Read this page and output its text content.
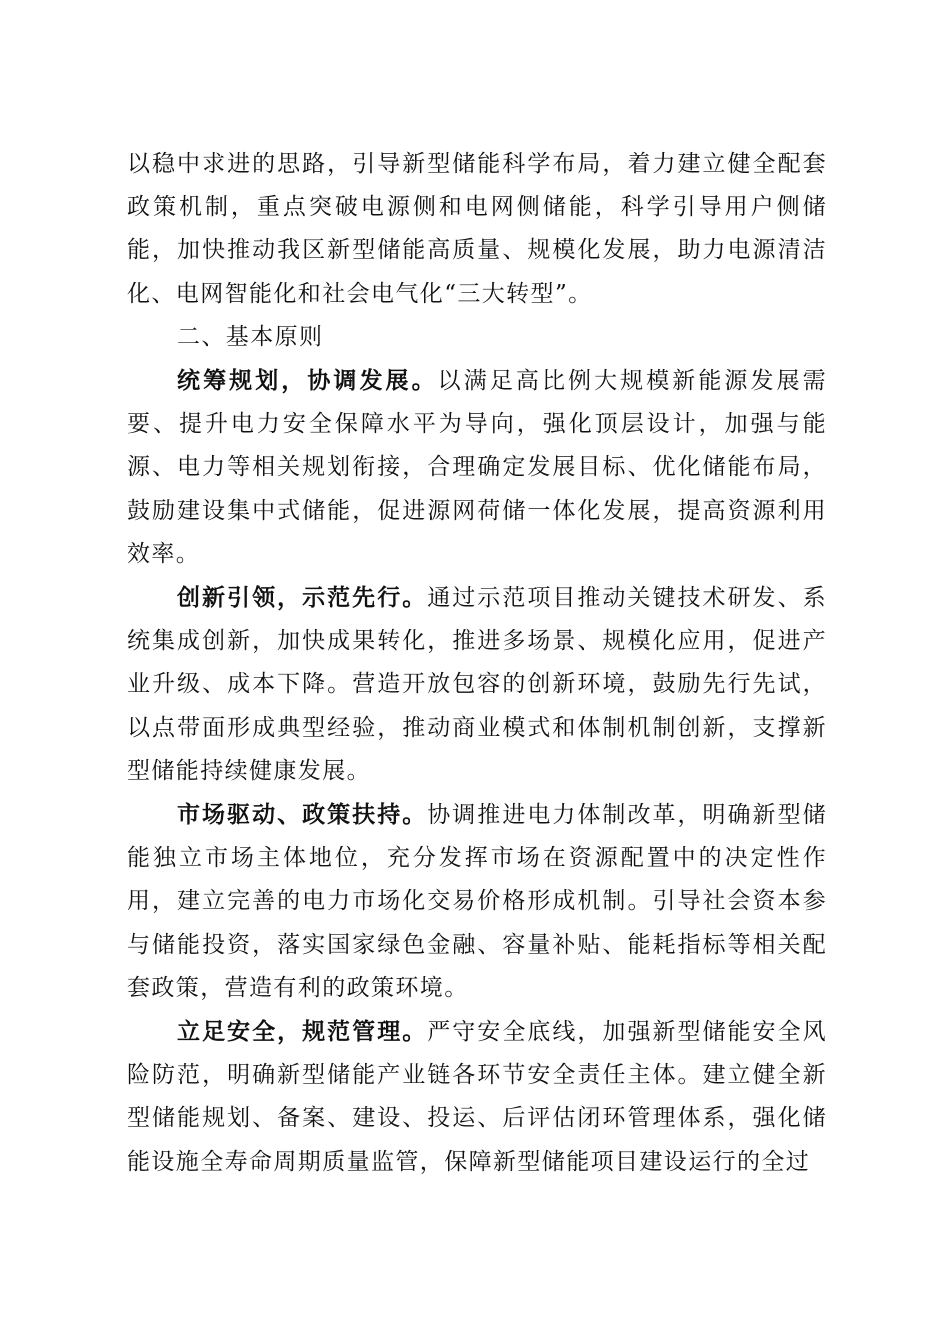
以稳中求进的思路，引导新型储能科学布局，着力建立健全配套政策机制，重点突破电源侧和电网侧储能，科学引导用户侧储能，加快推动我区新型储能高质量、规模化发展，助力电源清洁化、电网智能化和社会电气化“三大转型”。

二、基本原则

统筹规划，协调发展。以满足高比例大规模新能源发展需要、提升电力安全保障水平为导向，强化顶层设计，加强与能源、电力等相关规划衔接，合理确定发展目标、优化储能布局，鼓励建设集中式储能，促进源网荷储一体化发展，提高资源利用效率。

创新引领，示范先行。通过示范项目推动关键技术研发、系统集成创新，加快成果转化，推进多场景、规模化应用，促进产业升级、成本下降。营造开放包容的创新环境，鼓励先行先试，以点带面形成典型经验，推动商业模式和体制机制创新，支撑新型储能持续健康发展。

市场驱动、政策扶持。协调推进电力体制改革，明确新型储能独立市场主体地位，充分发挥市场在资源配置中的决定性作用，建立完善的电力市场化交易价格形成机制。引导社会资本参与储能投资，落实国家绿色金融、容量补贴、能耗指标等相关配套政策，营造有利的政策环境。

立足安全，规范管理。严守安全底线，加强新型储能安全风险防范，明确新型储能产业链各环节安全责任主体。建立健全新型储能规划、备案、建设、投运、后评估闭环管理体系，强化储能设施全寿命周期质量监管，保障新型储能项目建设运行的全过
